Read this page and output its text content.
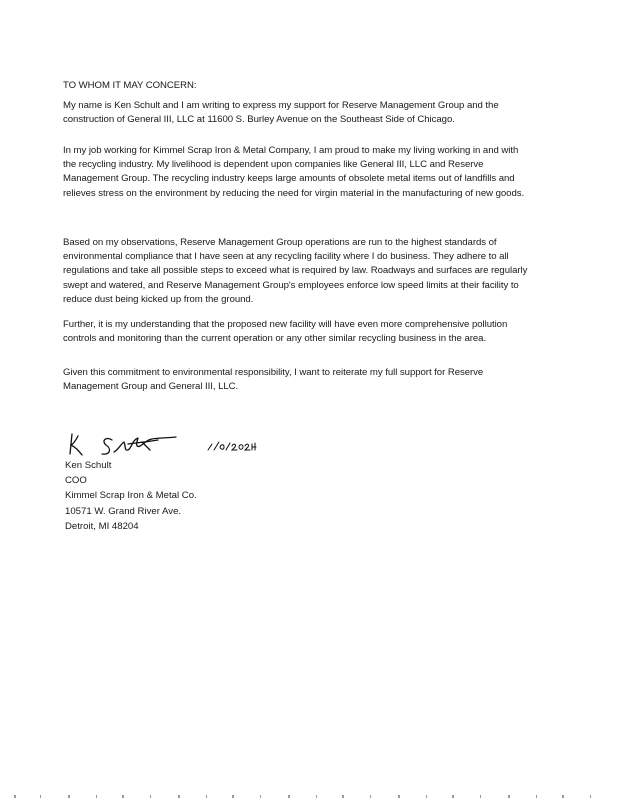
TO WHOM IT MAY CONCERN:

My name is Ken Schult and I am writing to express my support for Reserve Management Group and the construction of General III, LLC at 11600 S. Burley Avenue on the Southeast Side of Chicago.

In my job working for Kimmel Scrap Iron & Metal Company, I am proud to make my living working in and with the recycling industry. My livelihood is dependent upon companies like General III, LLC and Reserve Management Group. The recycling industry keeps large amounts of obsolete metal items out of landfills and relieves stress on the environment by reducing the need for virgin material in the manufacturing of new goods.

Based on my observations, Reserve Management Group operations are run to the highest standards of environmental compliance that I have seen at any recycling facility where I do business. They adhere to all regulations and take all possible steps to exceed what is required by law. Roadways and surfaces are regularly swept and watered, and Reserve Management Group's employees enforce low speed limits at their facility to reduce dust being kicked up from the ground.

Further, it is my understanding that the proposed new facility will have even more comprehensive pollution controls and monitoring than the current operation or any other similar recycling business in the area.

Given this commitment to environmental responsibility, I want to reiterate my full support for Reserve Management Group and General III, LLC.

Ken Schult
COO
Kimmel Scrap Iron & Metal Co.
10571 W. Grand River Ave.
Detroit, MI 48204
